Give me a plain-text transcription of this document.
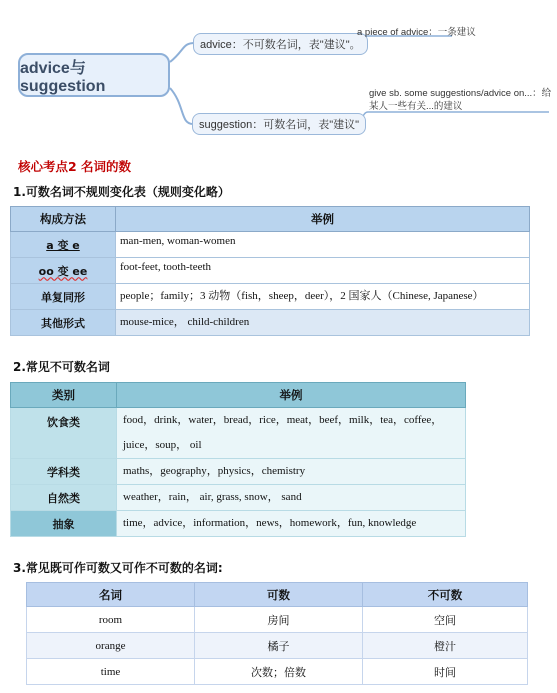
advice与suggestion
advice：不可数名词，表"建议"。
a piece of advice：一条建议
suggestion：可数名词，表"建议"
give sb. some suggestions/advice on...：给某人一些有关...的建议
核心考点2 名词的数
1.可数名词不规则变化表（规则变化略）
构成方法	举例
a 变 e	man-men, woman-women
oo 变 ee	foot-feet, tooth-teeth
单复同形	people；family；3 动物（fish，sheep，deer），2 国家人（Chinese, Japanese）
其他形式	mouse-mice， child-children
2.常见不可数名词
类别	举例
饮食类	food，drink，water，bread，rice，meat，beef，milk，tea，coffee，juice，soup， oil
学科类	maths，geography，physics，chemistry
自然类	weather，rain， air, grass, snow， sand
抽象	time，advice，information，news，homework，fun, knowledge
3.常见既可作可数又可作不可数的名词:
名词	可数	不可数
room	房间	空间
orange	橘子	橙汁
time	次数；倍数	时间
